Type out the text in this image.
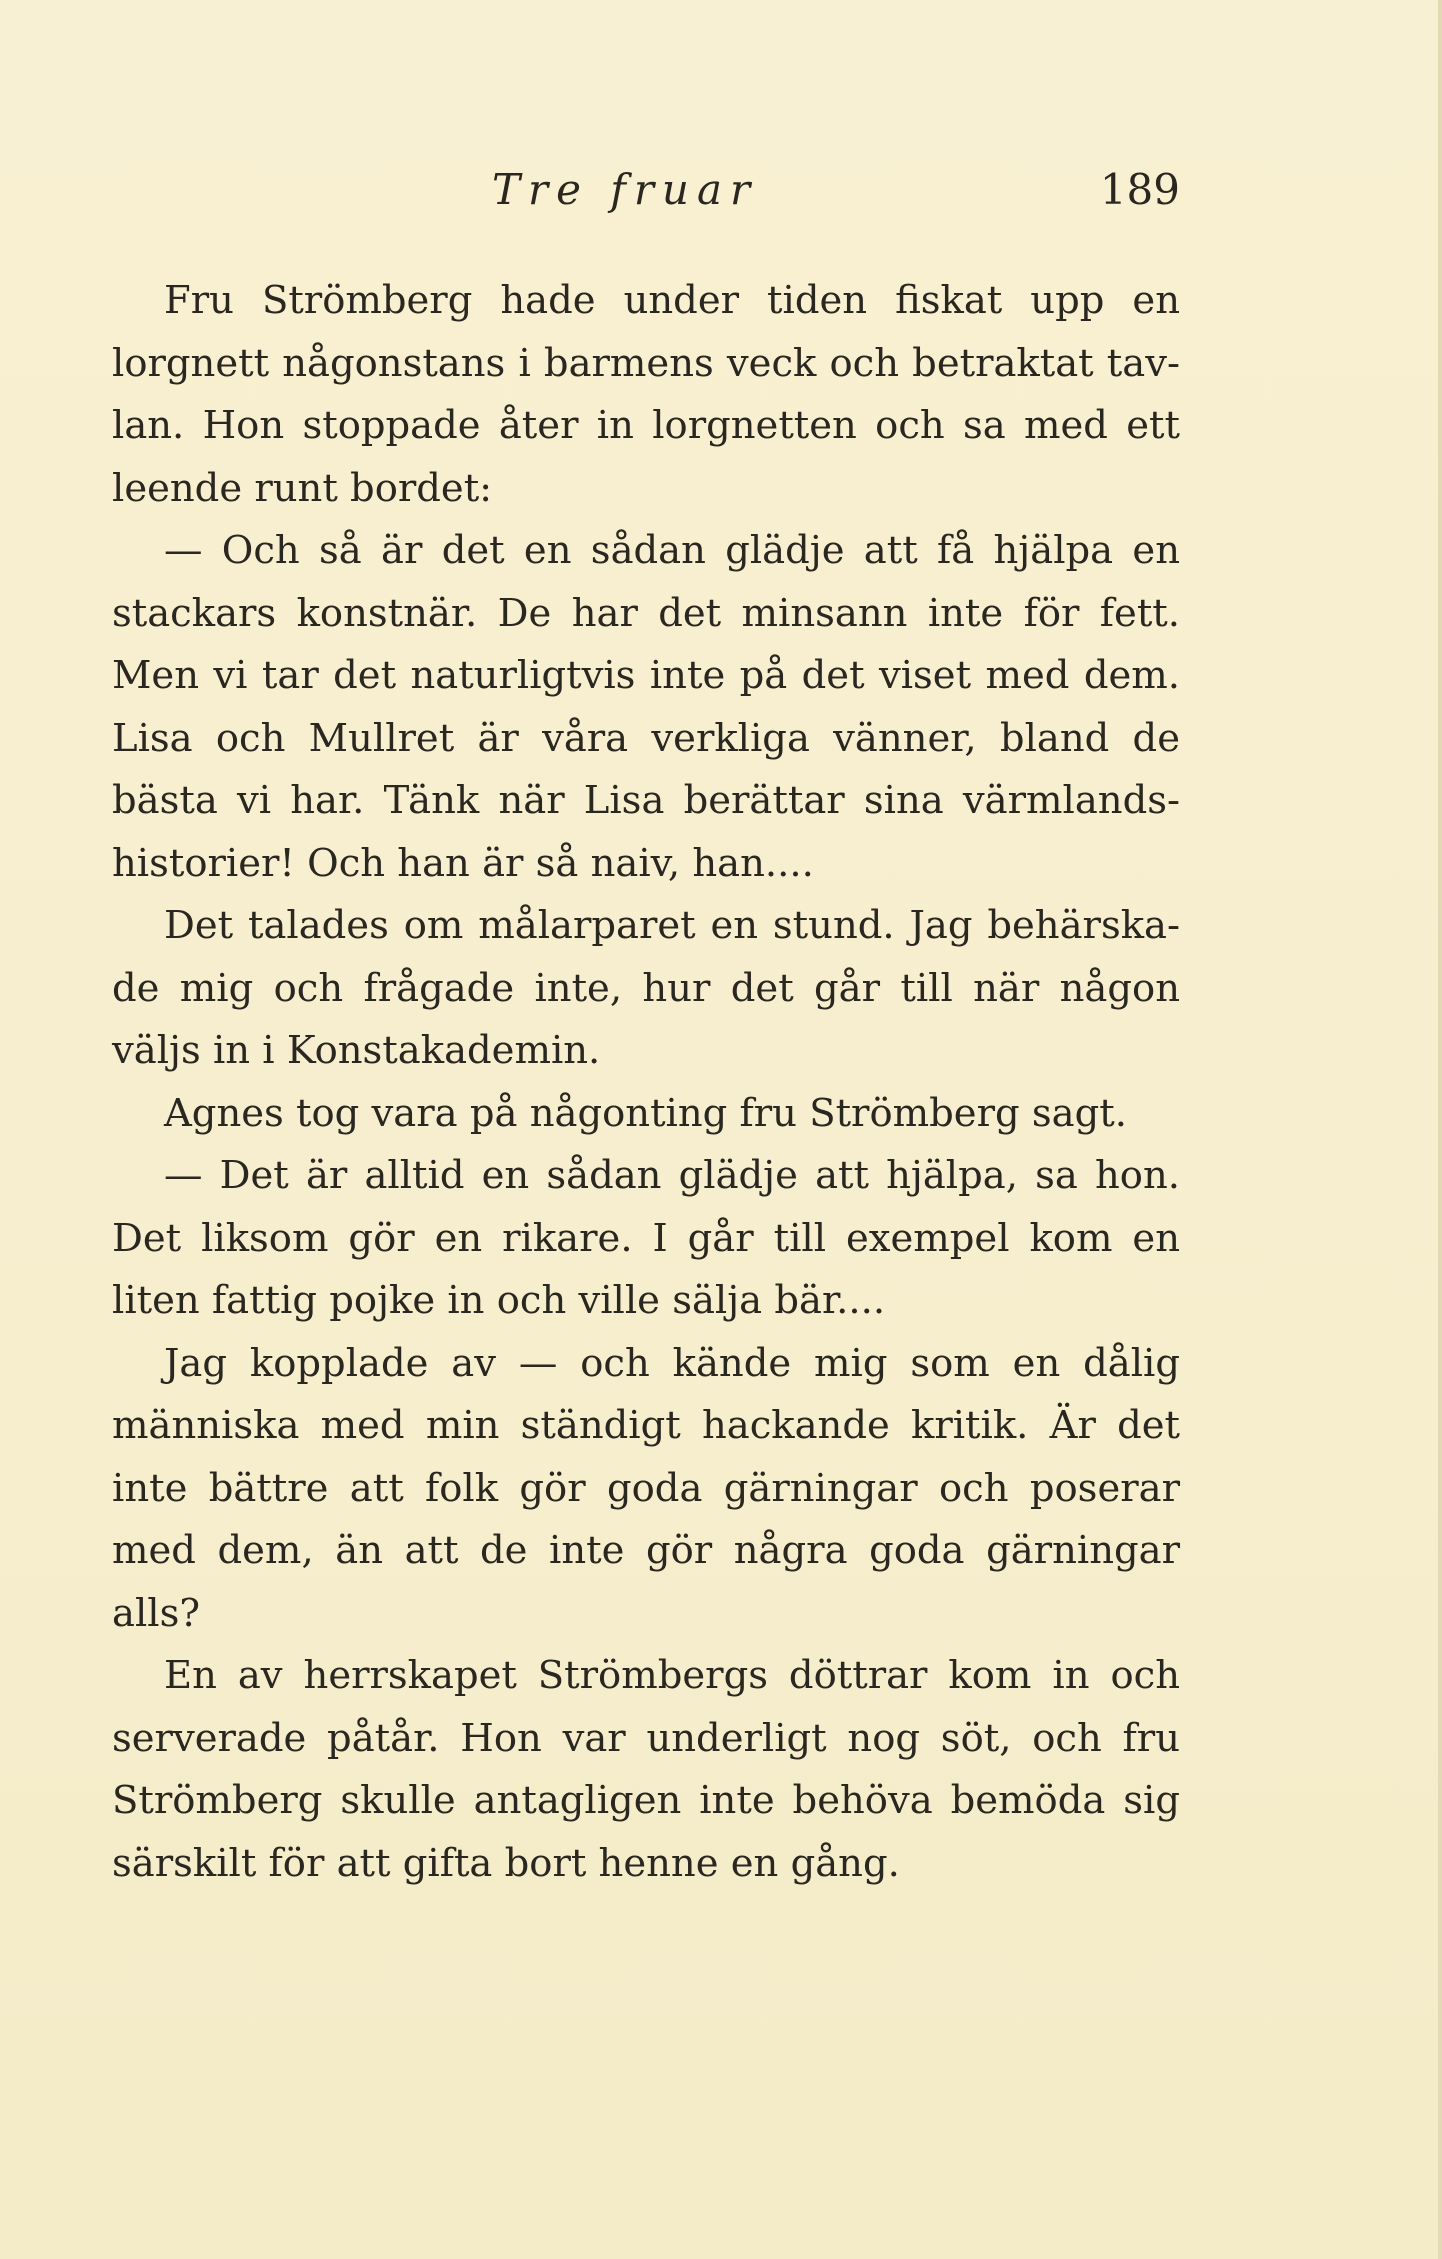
Tre fruar	189
Fru Strömberg hade under tiden fiskat upp en
lorgnett någonstans i barmens veck och betraktat tav-
lan. Hon stoppade åter in lorgnetten och sa med ett
leende runt bordet:
— Och så är det en sådan glädje att få hjälpa en
stackars konstnär. De har det minsann inte för fett.
Men vi tar det naturligtvis inte på det viset med dem.
Lisa och Mullret är våra verkliga vänner, bland de
bästa vi har. Tänk när Lisa berättar sina värmlands-
historier! Och han är så naiv, han....
Det talades om målarparet en stund. Jag behärska-
de mig och frågade inte, hur det går till när någon
väljs in i Konstakademin.
Agnes tog vara på någonting fru Strömberg sagt.
— Det är alltid en sådan glädje att hjälpa, sa hon.
Det liksom gör en rikare. I går till exempel kom en
liten fattig pojke in och ville sälja bär....
Jag kopplade av — och kände mig som en dålig
människa med min ständigt hackande kritik. Är det
inte bättre att folk gör goda gärningar och poserar
med dem, än att de inte gör några goda gärningar
alls?
En av herrskapet Strömbergs döttrar kom in och
serverade påtår. Hon var underligt nog söt, och fru
Strömberg skulle antagligen inte behöva bemöda sig
särskilt för att gifta bort henne en gång.
